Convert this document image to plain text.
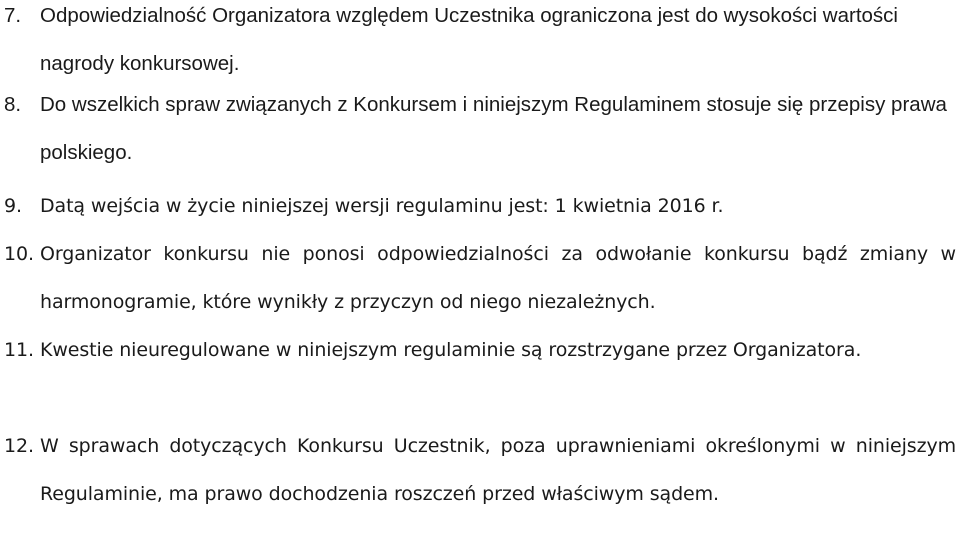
7. Odpowiedzialność Organizatora względem Uczestnika ograniczona jest do wysokości wartości nagrody konkursowej.
8. Do wszelkich spraw związanych z Konkursem i niniejszym Regulaminem stosuje się przepisy prawa polskiego.
9. Datą wejścia w życie niniejszej wersji regulaminu jest: 1 kwietnia 2016 r.
10. Organizator konkursu nie ponosi odpowiedzialności za odwołanie konkursu bądź zmiany w harmonogramie, które wynikły z przyczyn od niego niezależnych.
11. Kwestie nieuregulowane w niniejszym regulaminie są rozstrzygane przez Organizatora.
12. W sprawach dotyczących Konkursu Uczestnik, poza uprawnieniami określonymi w niniejszym Regulaminie, ma prawo dochodzenia roszczeń przed właściwym sądem.
